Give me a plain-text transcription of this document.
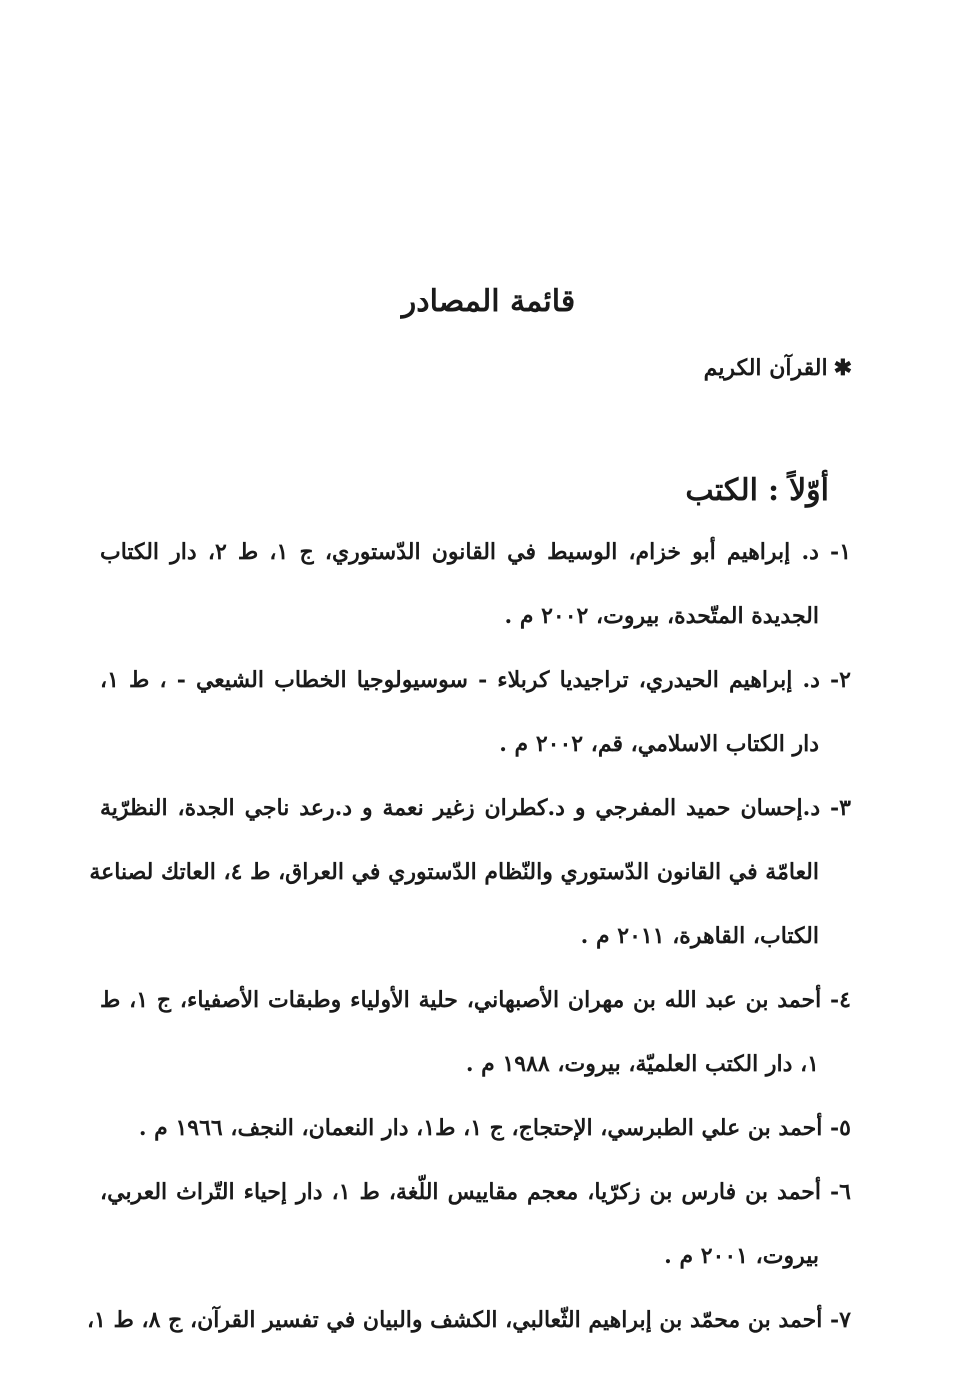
قائمة المصادر
✱القرآن الكريم
أوّلاً:الكتب
١- د. إبراهيم أبو خزام، الوسيط في القانون الدّستوري، ج ١، ط ٢، دار الكتاب
الجديدة المتّحدة، بيروت، ٢٠٠٢ م .
٢- د. إبراهيم الحيدري، تراجيديا كربلاء - سوسيولوجيا الخطاب الشيعي - ، ط ١،
دار الكتاب الاسلامي، قم، ٢٠٠٢ م .
٣- د.إحسان حميد المفرجي و د.كطران زغير نعمة و د.رعد ناجي الجدة، النظرّية
العامّة في القانون الدّستوري والنّظام الدّستوري في العراق، ط ٤، العاتك لصناعة
الكتاب، القاهرة، ٢٠١١ م .
٤- أحمد بن عبد الله بن مهران الأصبهاني، حلية الأولياء وطبقات الأصفياء، ج ١، ط
١، دار الكتب العلميّة، بيروت، ١٩٨٨ م .
٥- أحمد بن علي الطبرسي، الإحتجاج، ج ١، ط١، دار النعمان، النجف، ١٩٦٦ م .
٦- أحمد بن فارس بن زكرّيا، معجم مقاييس اللّغة، ط ١، دار إحياء التّراث العربي،
بيروت، ٢٠٠١ م .
٧- أحمد بن محمّد بن إبراهيم الثّعالبي، الكشف والبيان في تفسير القرآن، ج ٨، ط ١،
